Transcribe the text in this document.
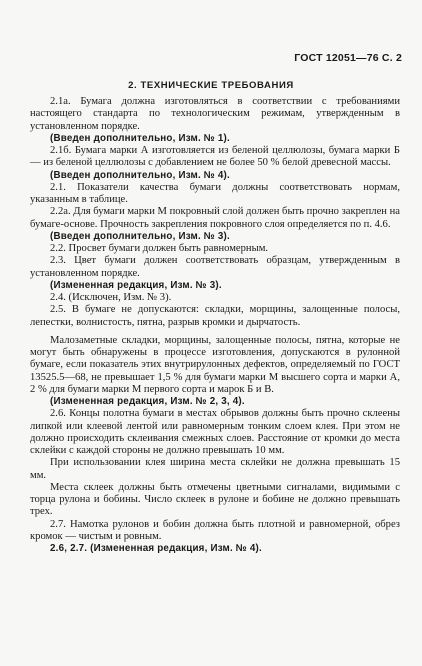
ГОСТ 12051—76 С. 2
2. ТЕХНИЧЕСКИЕ ТРЕБОВАНИЯ

2.1а. Бумага должна изготовляться в соответствии с требованиями настоящего стандарта по технологическим режимам, утвержденным в установленном порядке.

(Введен дополнительно, Изм. № 1).

2.1б. Бумага марки А изготовляется из беленой целлюлозы, бумага марки Б — из беленой целлюлозы с добавлением не более 50 % белой древесной массы.

(Введен дополнительно, Изм. № 4).

2.1. Показатели качества бумаги должны соответствовать нормам, указанным в таблице.

2.2а. Для бумаги марки М покровный слой должен быть прочно закреплен на бумаге-основе. Прочность закрепления покровного слоя определяется по п. 4.6.

(Введен дополнительно, Изм. № 3).

2.2. Просвет бумаги должен быть равномерным.

2.3. Цвет бумаги должен соответствовать образцам, утвержденным в установленном порядке.

(Измененная редакция, Изм. № 3).

2.4. (Исключен, Изм. № 3).

2.5. В бумаге не допускаются: складки, морщины, залощенные полосы, лепестки, волнистость, пятна, разрыв кромки и дырчатость.

Малозаметные складки, морщины, залощенные полосы, пятна, которые не могут быть обнаружены в процессе изготовления, допускаются в рулонной бумаге, если показатель этих внутрирулонных дефектов, определяемый по ГОСТ 13525.5—68, не превышает 1,5 % для бумаги марки М высшего сорта и марки А, 2 % для бумаги марки М первого сорта и марок Б и В.

(Измененная редакция, Изм. № 2, 3, 4).

2.6. Концы полотна бумаги в местах обрывов должны быть прочно склеены липкой или клеевой лентой или равномерным тонким слоем клея. При этом не должно происходить склеивания смежных слоев. Расстояние от кромки до места склейки с каждой стороны не должно превышать 10 мм.

При использовании клея ширина места склейки не должна превышать 15 мм.

Места склеек должны быть отмечены цветными сигналами, видимыми с торца рулона и бобины. Число склеек в рулоне и бобине не должно превышать трех.

2.7. Намотка рулонов и бобин должна быть плотной и равномерной, обрез кромок — чистым и ровным.

2.6, 2.7. (Измененная редакция, Изм. № 4).
